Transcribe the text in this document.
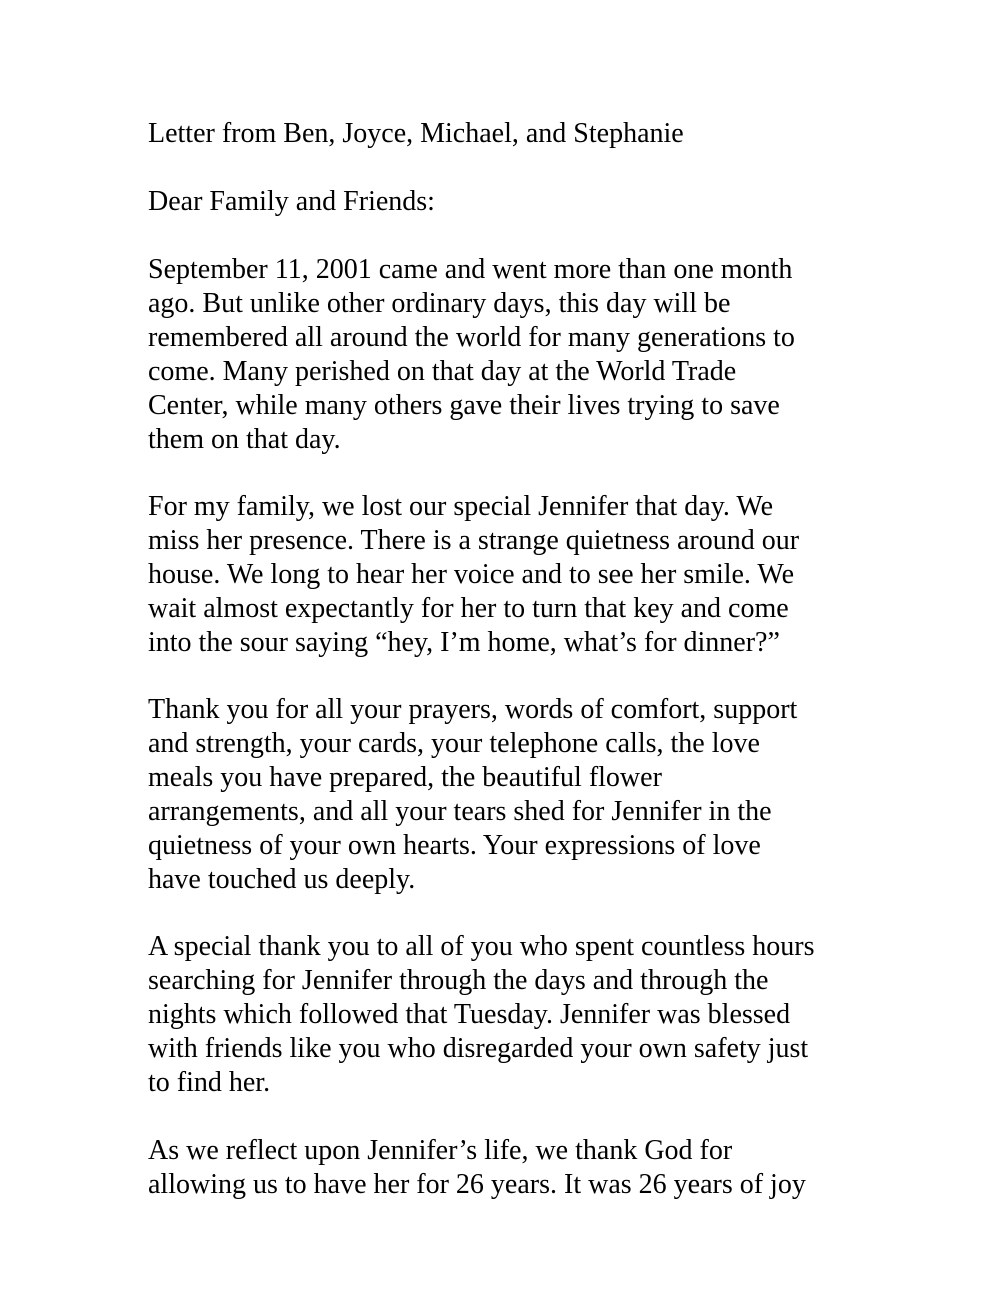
Letter from Ben, Joyce, Michael, and Stephanie
Dear Family and Friends:
September 11, 2001 came and went more than one month
ago. But unlike other ordinary days, this day will be
remembered all around the world for many generations to
come. Many perished on that day at the World Trade
Center, while many others gave their lives trying to save
them on that day.
For my family, we lost our special Jennifer that day. We
miss her presence. There is a strange quietness around our
house. We long to hear her voice and to see her smile. We
wait almost expectantly for her to turn that key and come
into the sour saying “hey, I’m home, what’s for dinner?”
Thank you for all your prayers, words of comfort, support
and strength, your cards, your telephone calls, the love
meals you have prepared, the beautiful flower
arrangements, and all your tears shed for Jennifer in the
quietness of your own hearts. Your expressions of love
have touched us deeply.
A special thank you to all of you who spent countless hours
searching for Jennifer through the days and through the
nights which followed that Tuesday. Jennifer was blessed
with friends like you who disregarded your own safety just
to find her.
As we reflect upon Jennifer’s life, we thank God for
allowing us to have her for 26 years. It was 26 years of joy
